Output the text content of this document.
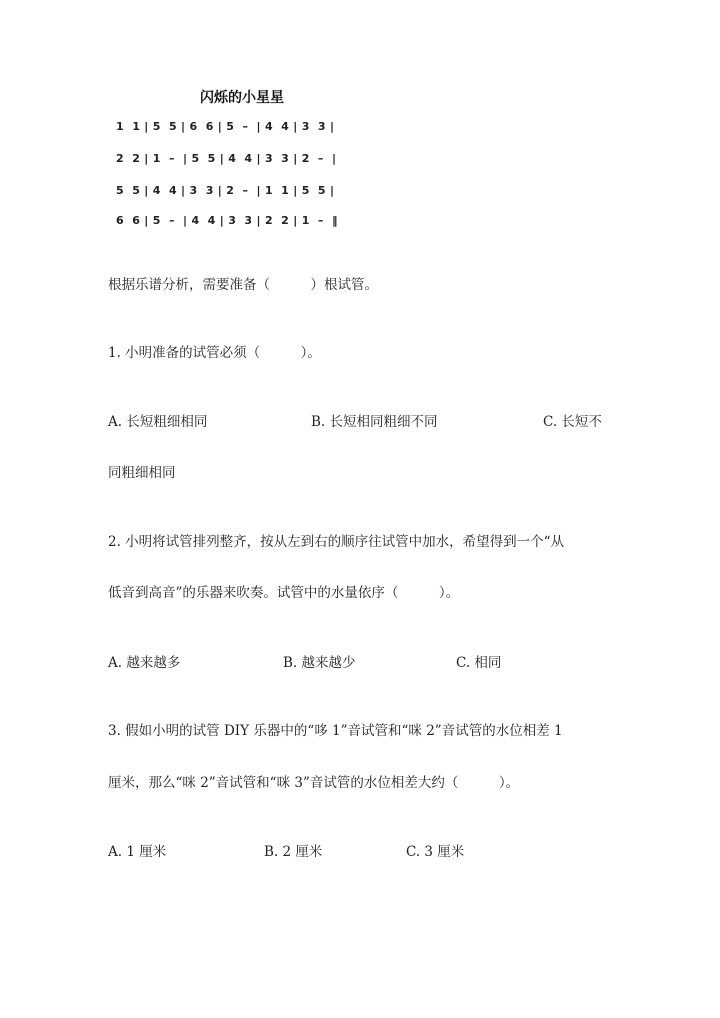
闪烁的小星星
1  1 | 5  5 | 6  6 | 5  –  | 4  4 | 3  3 |
2  2 | 1  –  | 5  5 | 4  4 | 3  3 | 2  –  |
5  5 | 4  4 | 3  3 | 2  –  | 1  1 | 5  5 |
6  6 | 5  –  | 4  4 | 3  3 | 2  2 | 1  –  ‖
根据乐谱分析，需要准备（　　　）根试管。
1. 小明准备的试管必须（　　　）。
A. 长短粗细相同	B. 长短相同粗细不同	C. 长短不
同粗细相同
2. 小明将试管排列整齐，按从左到右的顺序往试管中加水，希望得到一个“从
低音到高音”的乐器来吹奏。试管中的水量依序（　　　）。
A. 越来越多	B. 越来越少	C. 相同
3. 假如小明的试管 DIY 乐器中的“哆 1”音试管和“咪 2”音试管的水位相差 1
厘米，那么“咪 2”音试管和“咪 3”音试管的水位相差大约（　　　）。
A. 1 厘米	B. 2 厘米	C. 3 厘米
